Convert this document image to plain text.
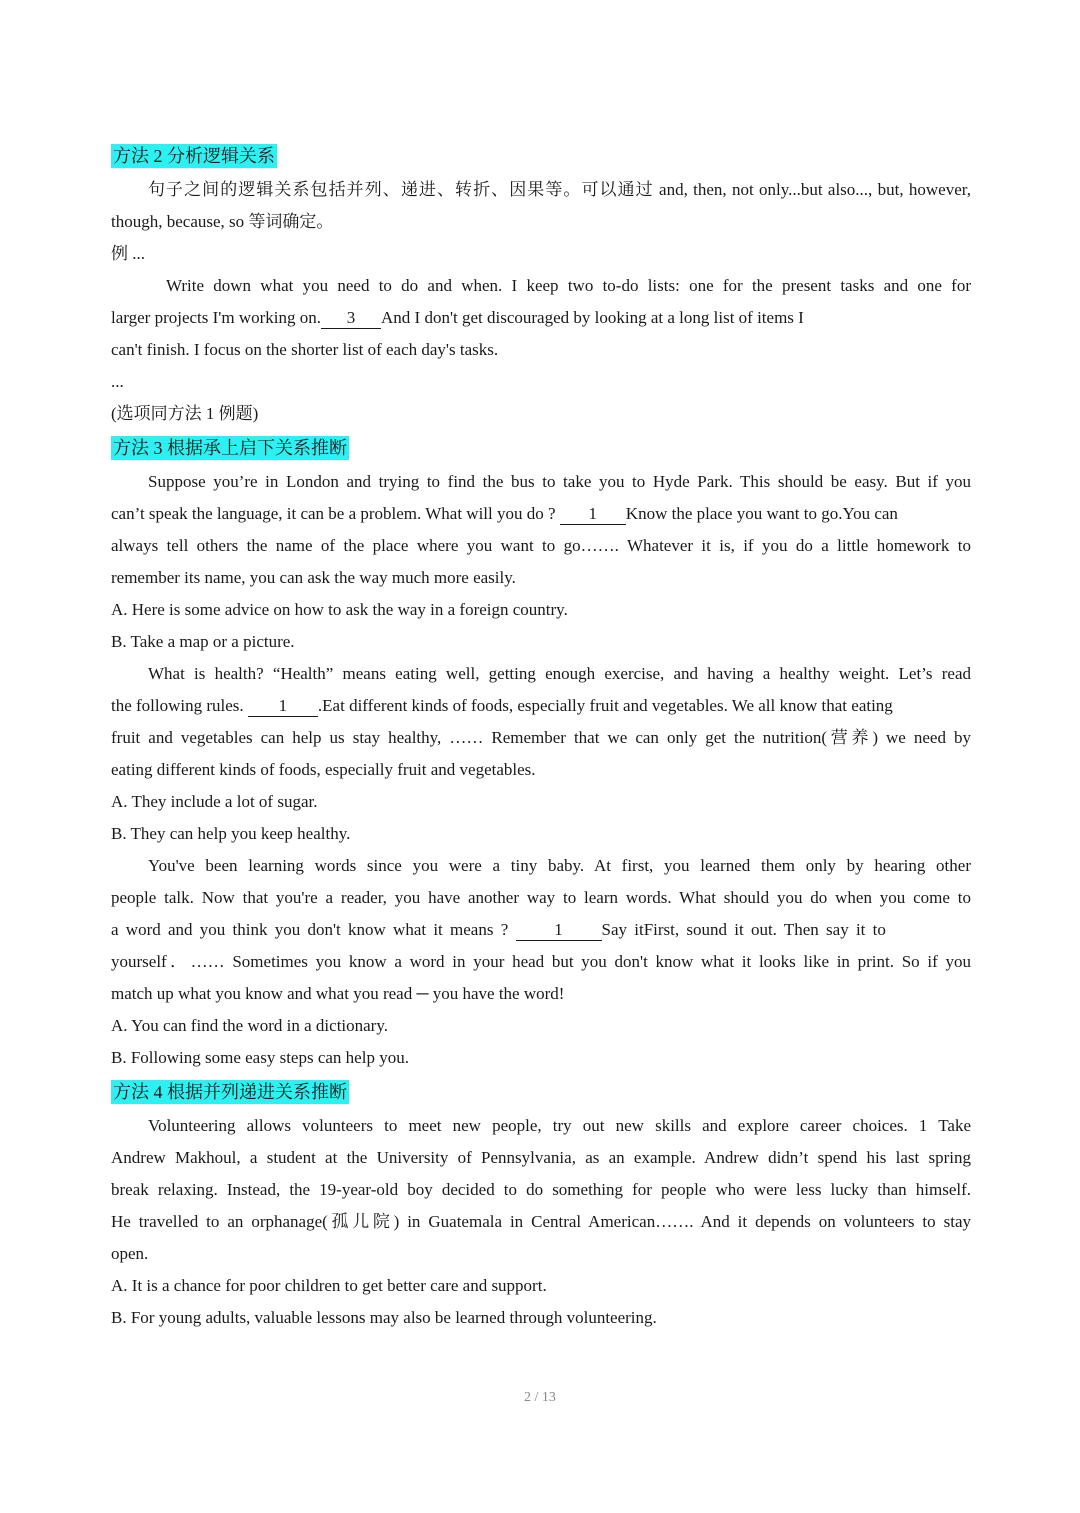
方法 2 分析逻辑关系

句子之间的逻辑关系包括并列、递进、转折、因果等。可以通过 and, then, not only...but also..., but, however,

though, because, so 等词确定。

例 ...

Write down what you need to do and when. I keep two to-do lists: one for the present tasks and one for

larger projects I'm working on. 3 And I don't get discouraged by looking at a long list of items I

can't finish. I focus on the shorter list of each day's tasks.

...

(选项同方法 1 例题)

方法 3 根据承上启下关系推断

Suppose you’re in London and trying to find the bus to take you to Hyde Park. This should be easy. But if you

can’t speak the language, it can be a problem. What will you do ? 1 Know the place you want to go.You can

always tell others the name of the place where you want to go……. Whatever it is, if you do a little homework to

remember its name, you can ask the way much more easily.

A. Here is some advice on how to ask the way in a foreign country.

B. Take a map or a picture.

What is health? “Health” means eating well, getting enough exercise, and having a healthy weight. Let’s read

the following rules. 1 .Eat different kinds of foods, especially fruit and vegetables. We all know that eating

fruit and vegetables can help us stay healthy, …… Remember that we can only get the nutrition(营养) we need by

eating different kinds of foods, especially fruit and vegetables.

A. They include a lot of sugar.

B. They can help you keep healthy.

You've been learning words since you were a tiny baby. At first, you learned them only by hearing other

people talk. Now that you're a reader, you have another way to learn words. What should you do when you come to

a word and you think you don't know what it means ?	1 Say itFirst, sound it out. Then say it to

yourself．…… Sometimes you know a word in your head but you don't know what it looks like in print. So if you

match up what you know and what you read ─ you have the word!

A. You can find the word in a dictionary.

B. Following some easy steps can help you.

方法 4 根据并列递进关系推断

Volunteering allows volunteers to meet new people, try out new skills and explore career choices. 1 Take

Andrew Makhoul, a student at the University of Pennsylvania, as an example. Andrew didn’t spend his last spring

break relaxing. Instead, the 19-year-old boy decided to do something for people who were less lucky than himself.

He travelled to an orphanage(孤儿院) in Guatemala in Central American……. And it depends on volunteers to stay

open.

A. It is a chance for poor children to get better care and support.

B. For young adults, valuable lessons may also be learned through volunteering.

2 / 13
